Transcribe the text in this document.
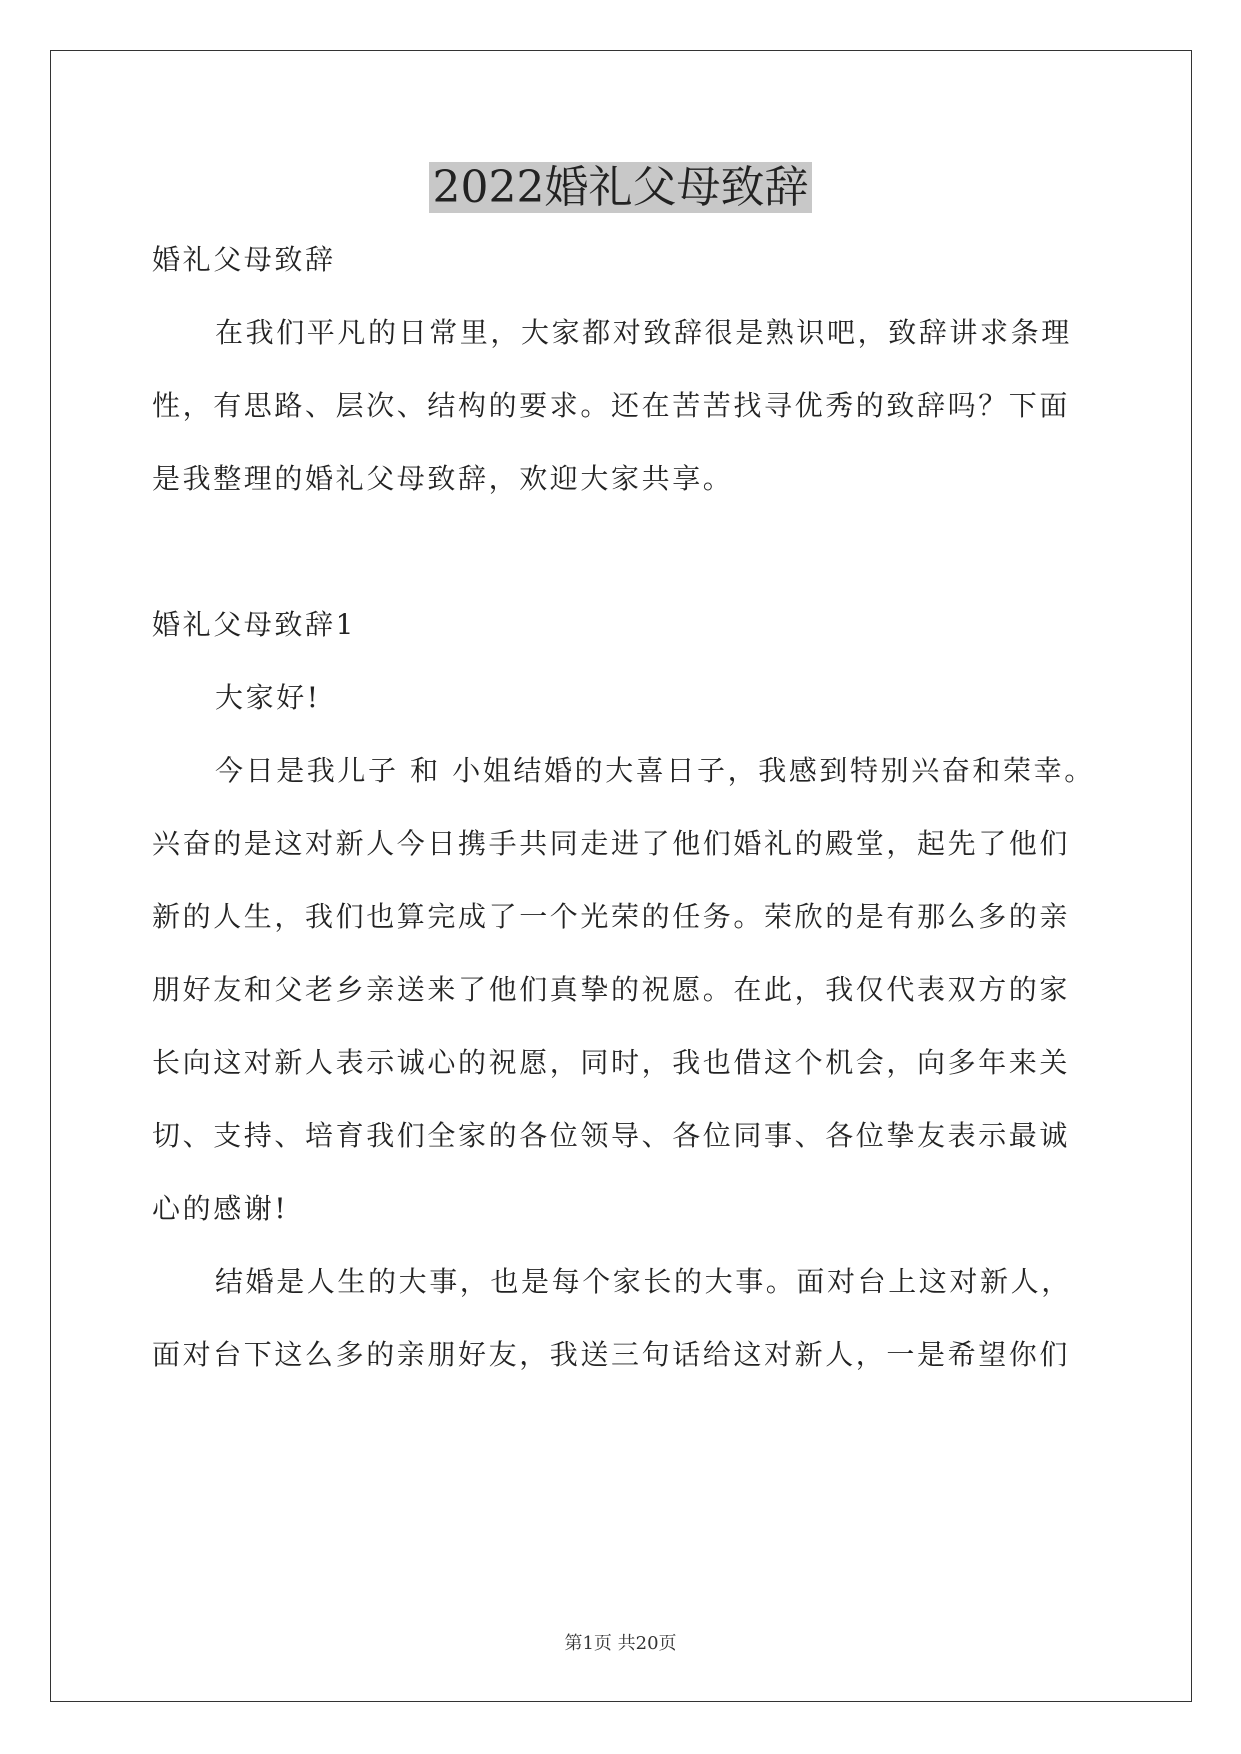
2022婚礼父母致辞
婚礼父母致辞
在我们平凡的日常里，大家都对致辞很是熟识吧，致辞讲求条理
性，有思路、层次、结构的要求。还在苦苦找寻优秀的致辞吗？下面
是我整理的婚礼父母致辞，欢迎大家共享。
婚礼父母致辞1
大家好!
今日是我儿子 和 小姐结婚的大喜日子，我感到特别兴奋和荣幸。
兴奋的是这对新人今日携手共同走进了他们婚礼的殿堂，起先了他们
新的人生，我们也算完成了一个光荣的任务。荣欣的是有那么多的亲
朋好友和父老乡亲送来了他们真挚的祝愿。在此，我仅代表双方的家
长向这对新人表示诚心的祝愿，同时，我也借这个机会，向多年来关
切、支持、培育我们全家的各位领导、各位同事、各位挚友表示最诚
心的感谢!
结婚是人生的大事，也是每个家长的大事。面对台上这对新人，
面对台下这么多的亲朋好友，我送三句话给这对新人，一是希望你们
第1页 共20页
